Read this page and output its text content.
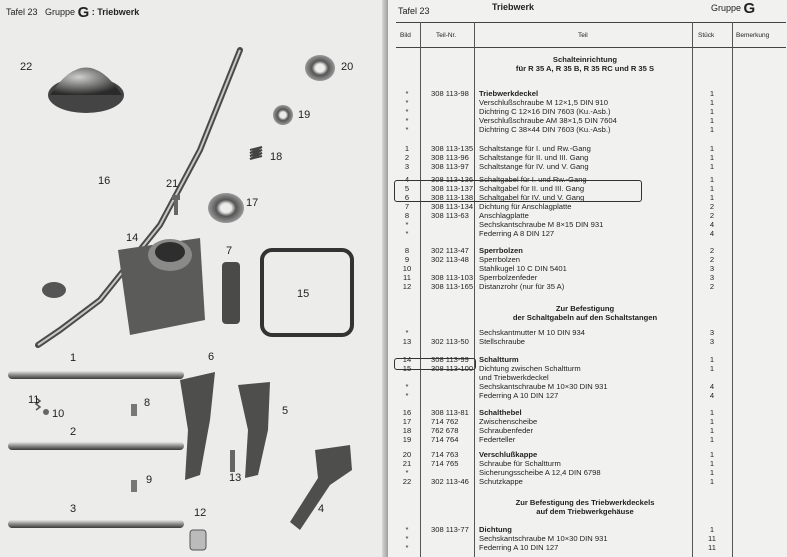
Tafel 23 Gruppe G : Triebwerk
22	20
19
18
16	21
17
14
7
15
1
11
10
8
2
9
3
6
5
13
12	4
Tafel 23	Triebwerk	Gruppe G
Bild	Teil-Nr.	Teil	Stück	Bemerkung
Schalteinrichtung
für R 35 A, R 35 B, R 35 RC und R 35 S
*	308 113-98 Triebwerkdeckel	1
*	Verschlußschraube M 12×1,5 DIN 910	1
*	Dichtring C 12×16 DIN 7603 (Ku.-Asb.)	1
*	Verschlußschraube AM 38×1,5 DIN 7604	1
*	Dichtring C 38×44 DIN 7603 (Ku.-Asb.)	1
1	308 113-135 Schaltstange für I. und Rw.-Gang	1
2	308 113-96 Schaltstange für II. und III. Gang	1
3	308 113-97 Schaltstange für IV. und V. Gang	1
4	308 113-136 Schaltgabel für I. und Rw.-Gang	1
5	308 113-137 Schaltgabel für II. und III. Gang	1
6	308 113-138 Schaltgabel für IV. und V. Gang	1
7	308 113-134 Dichtung für Anschlagplatte	2
8	308 113-63 Anschlagplatte	2
*	Sechskantschraube M 8×15 DIN 931	4
*	Federring A 8 DIN 127	4
8	302 113-47 Sperrbolzen	2
9	302 113-48 Sperrbolzen	2
10	Stahlkugel 10 C DIN 5401	3
11	308 113-103 Sperrbolzenfeder	3
12	308 113-165 Distanzrohr (nur für 35 A)	2
*	Sechskantmutter M 10 DIN 934	3
13	302 113-50 Stellschraube	3
14	308 113-99 Schaltturm	1
15	308 113-100 Dichtung zwischen Schaltturm	1
und Triebwerkdeckel
*	Sechskantschraube M 10×30 DIN 931	4
*	Federring A 10 DIN 127	4
16	308 113-81 Schalthebel	1
17	714 762	Zwischenscheibe	1
18	762 678	Schraubenfeder	1
19	714 764	Federteller	1
20	714 763	Verschlußkappe	1
21	714 765	Schraube für Schaltturm	1
*	Sicherungsscheibe A 12,4 DIN 6798	1
22	302 113-46 Schutzkappe	1
*	308 113-77 Dichtung	1
*	Sechskantschraube M 10×30 DIN 931	11
*	Federring A 10 DIN 127	11
Zur Befestigung
der Schaltgabeln auf den Schaltstangen
Zur Befestigung des Triebwerkdeckels
auf dem Triebwerkgehäuse
